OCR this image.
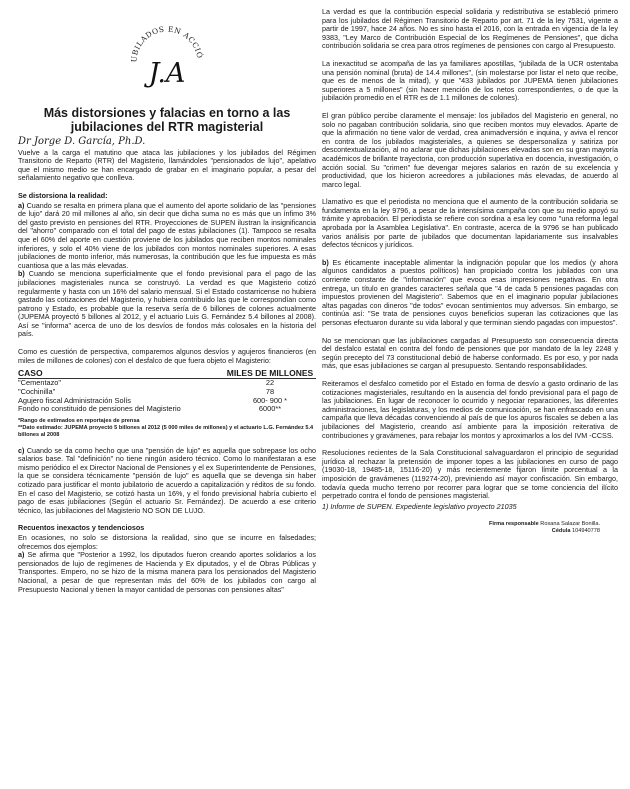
UBILADOS EN ACCIÓ
J.A
Más distorsiones y falacias en torno a las jubilaciones del RTR magisterial
Dr Jorge D. García, Ph.D.

Vuelve a la carga el matutino que ataca las jubilaciones y los jubilados del Régimen Transitorio de Reparto (RTR) del Magisterio, llamándoles "pensionados de lujo", apelativo que el mismo medio se han encargado de grabar en el imaginario popular, a pesar del señalamiento negativo que conlleva.

Se distorsiona la realidad:

a) Cuando se resalta en primera plana que el aumento del aporte solidario de las "pensiones de lujo" dará 20 mil millones al año, sin decir que dicha suma no es más que un ínfimo 3% del gasto previsto en pensiones del RTR. Proyecciones de SUPEN ilustran la insignificancia del "ahorro" comparado con el total del pago de estas jubilaciones (1). Tampoco se resalta que el 60% del aporte en cuestión proviene de los jubilados que reciben montos nominales inferiores, y solo el 40% viene de los jubilados con montos nominales superiores. A esas jubilaciones de monto inferior, más numerosas, la contribución que les fue impuesta es más cuantiosa que a las más elevadas.

b) Cuando se menciona superficialmente que el fondo previsional para el pago de las jubilaciones magisteriales nunca se construyó. La verdad es que Magisterio cotizó regularmente y hasta con un 16% del salario mensual. Si el Estado costarricense no hubiera gastado las cotizaciones del Magisterio, y hubiera contribuido las que le correspondían como patrono y Estado, es probable que la reserva sería de 6 billones de colones actualmente (JUPEMA proyectó 5 billones al 2012, y el actuario Luis G. Fernández 5.4 billones al 2008). Así se "informa" acerca de uno de los desvíos de fondos más colosales en la historia del país.

Como es cuestión de perspectiva, comparemos algunos desvíos y agujeros financieros (en miles de millones de colones) con el desfalco de que fuera objeto el Magisterio:

CASO	MILES DE MILLONES
"Cementazo"	22
"Cochinilla"	78
Agujero fiscal Administración Solís	600- 900 *
Fondo no constituido de pensiones del Magisterio	6000**
*Rango de estimados en reportajes de prensa
**Dato estimado: JUPEMA proyectó 5 billones al 2012 (5 000 miles de millones) y el actuario L.G. Fernández 5.4 billones al 2008

c) Cuando se da como hecho que una "pensión de lujo" es aquella que sobrepase los ocho salarios base. Tal "definición" no tiene ningún asidero técnico. Como lo manifestaran a ese mismo periódico el ex Director Nacional de Pensiones y el ex Superintendente de Pensiones, la que se considera técnicamente "pensión de lujo" es aquella que se devenga sin haber cotizado para justificar el monto jubilatorio de acuerdo a capitalización y réditos de su fondo. En el caso del Magisterio, se cotizó hasta un 16%, y el fondo previsional habría cubierto el pago de esas jubilaciones (Según el actuario Sr. Fernández). De acuerdo a ese criterio técnico, las jubilaciones del Magisterio NO SON DE LUJO.

Recuentos inexactos y tendenciosos

En ocasiones, no solo se distorsiona la realidad, sino que se incurre en falsedades; ofrecemos dos ejemplos:

a) Se afirma que "Posterior a 1992, los diputados fueron creando aportes solidarios a los pensionados de lujo de regímenes de Hacienda y Ex diputados, y el de Obras Públicas y Transportes. Empero, no se hizo de la misma manera para los pensionados del Magisterio Nacional, a pesar de que representan más del 60% de los jubilados con cargo al Presupuesto Nacional y tienen la mayor cantidad de personas con pensiones altas"

La verdad es que la contribución especial solidaria y redistributiva se estableció primero para los jubilados del Régimen Transitorio de Reparto por art. 71 de la ley 7531, vigente a partir de 1997, hace 24 años. No es sino hasta el 2016, con la entrada en vigencia de la ley 9383, "Ley Marco de Contribución Especial de los Regímenes de Pensiones", que dicha contribución solidaria se crea para otros regímenes de pensiones con cargo al Presupuesto.

La inexactitud se acompaña de las ya familiares apostillas, "jubilada de la UCR ostentaba una pensión nominal (bruta) de 14.4 millones", (sin molestarse por listar el neto que recibe, que es de menos de la mitad), y que "433 jubilados por JUPEMA tienen jubilaciones superiores a 5 millones" (sin hacer mención de los netos correspondientes, o de que la jubilación promedio en el RTR es de 1.1 millones de colones).

El gran público percibe claramente el mensaje: los jubilados del Magisterio en general, no solo no pagaban contribución solidaria, sino que reciben montos muy elevados. Aparte de que la afirmación no tiene valor de verdad, crea animadversión e inquina, y aviva el rencor en contra de los jubilados magisteriales, a quienes se despersonaliza y satiriza por descontextualización, al no aclarar que dichas jubilaciones elevadas son en su gran mayoría académicos de brillante trayectoria, con producción superlativa en docencia, investigación, o acción social. Su "crimen" fue devengar mejores salarios en razón de su excelencia y productividad, que los hicieron acreedores a jubilaciones más elevadas, de acuerdo al marco legal.

Llamativo es que el periodista no menciona que el aumento de la contribución solidaria se fundamenta en la ley 9796, a pesar de la intensísima campaña con que su medio apoyó su trámite y aprobación. El periodista se refiere con sordina a esa ley como "una reforma legal aprobada por la Asamblea Legislativa". En contraste, acerca de la 9796 se han publicado varios análisis por parte de jubilados que documentan lapidariamente sus insalvables defectos técnicos y jurídicos.

b) Es éticamente inaceptable alimentar la indignación popular que los medios (y ahora algunos candidatos a puestos políticos) han propiciado contra los jubilados con una corriente constante de "información" que evoca esas impresiones negativas. En otra entrega, un título en grandes caracteres señala que "4 de cada 5 pensiones pagadas con impuestos provienen del Magisterio". Sabemos que en el imaginario popular jubilaciones altas pagadas con dineros "de todos" evocan sentimientos muy adversos. Sin embargo, se continúa así: "Se trata de pensiones cuyos beneficios superan las cotizaciones que las personas efectuaron durante su vida laboral y que terminan siendo pagadas con impuestos".

No se mencionan que las jubilaciones cargadas al Presupuesto son consecuencia directa del desfalco estatal en contra del fondo de pensiones que por mandato de la ley 2248 y según precepto del 73 constitucional debió de haberse conformado. Es por eso, y por nada más, que esas jubilaciones se cargan al presupuesto. Sentando responsabilidades.

Reiteramos el desfalco cometido por el Estado en forma de desvío a gasto ordinario de las cotizaciones magisteriales, resultando en la ausencia del fondo previsional para el pago de las jubilaciones. En lugar de reconocer lo ocurrido y negociar reparaciones, las diferentes administraciones, las legislaturas, y los medios de comunicación, se han enfrascado en una campaña que lleva décadas convenciendo al país de que los apuros fiscales se deben a las jubilaciones del Magisterio, creando así ambiente para la imposición reiterativa de contribuciones y gravámenes, para rebajar los montos y aproximarlos a los del IVM -CCSS.

Resoluciones recientes de la Sala Constitucional salvaguardaron el principio de seguridad jurídica al rechazar la pretensión de imponer topes a las jubilaciones en curso de pago (19030-18, 19485-18, 15116-20) y más recientemente fijaron límite porcentual a la imposición de gravámenes (119274-20), previniendo así mayor confiscación. Sin embargo, todavía queda mucho terreno por recorrer para lograr que se tome conciencia del ilícito perpetrado contra el fondo de pensiones magisterial.

1) Informe de SUPEN. Expediente legislativo proyecto 21035

Firma responsable Roxana Salazar Bonilla.
Cédula 104940778
